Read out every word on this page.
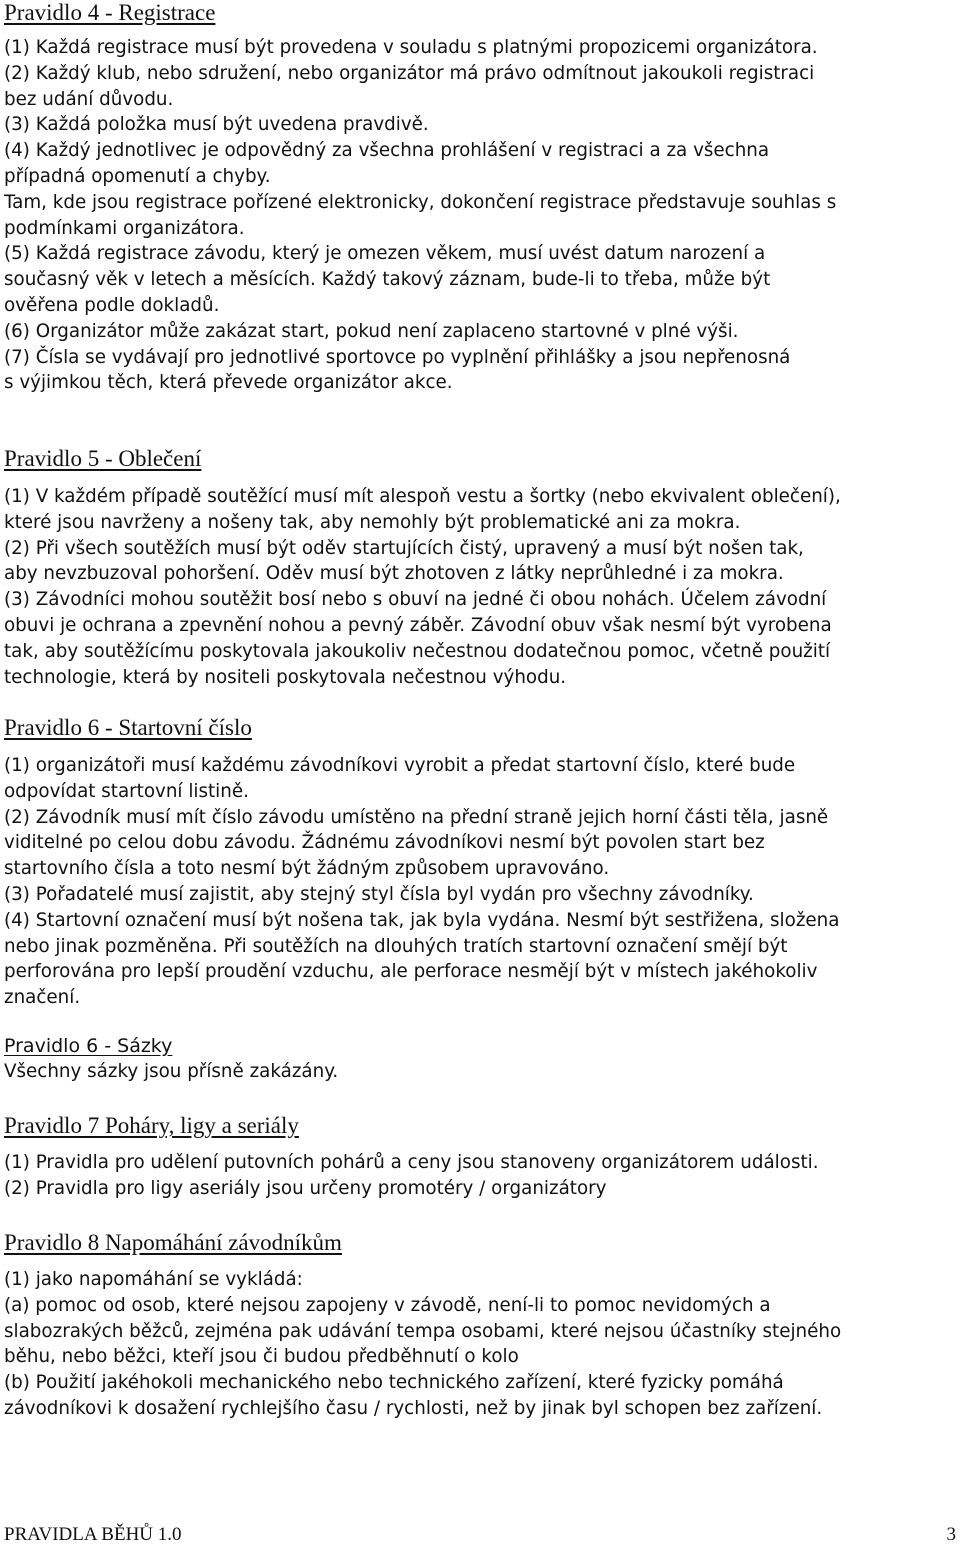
Pravidlo 4 - Registrace

(1) Každá registrace musí být provedena v souladu s platnými propozicemi organizátora.

(2) Každý klub, nebo sdružení, nebo organizátor má právo odmítnout jakoukoli registraci

bez udání důvodu.

(3) Každá položka musí být uvedena pravdivě.

(4) Každý jednotlivec je odpovědný za všechna prohlášení v registraci a za všechna

případná opomenutí a chyby.

Tam, kde jsou registrace pořízené elektronicky, dokončení registrace představuje souhlas s

podmínkami organizátora.

(5) Každá registrace závodu, který je omezen věkem, musí uvést datum narození a

současný věk v letech a měsících. Každý takový záznam, bude-li to třeba, může být

ověřena podle dokladů.

(6) Organizátor může zakázat start, pokud není zaplaceno startovné v plné výši.

(7) Čísla se vydávají pro jednotlivé sportovce po vyplnění přihlášky a jsou nepřenosná

s výjimkou těch, která převede organizátor akce.

Pravidlo 5 - Oblečení

(1) V každém případě soutěžící musí mít alespoň vestu a šortky (nebo ekvivalent oblečení),

které jsou navrženy a nošeny tak, aby nemohly být problematické ani za mokra.

(2) Při všech soutěžích musí být oděv startujících čistý, upravený a musí být nošen tak,

aby nevzbuzoval pohoršení. Oděv musí být zhotoven z látky neprůhledné i za mokra.

(3) Závodníci mohou soutěžit bosí nebo s obuví na jedné či obou nohách. Účelem závodní

obuvi je ochrana a zpevnění nohou a pevný záběr. Závodní obuv však nesmí být vyrobena

tak, aby soutěžícímu poskytovala jakoukoliv nečestnou dodatečnou pomoc, včetně použití

technologie, která by nositeli poskytovala nečestnou výhodu.

Pravidlo 6 - Startovní číslo

(1) organizátoři musí každému závodníkovi vyrobit a předat startovní číslo, které bude

odpovídat startovní listině.

(2) Závodník musí mít číslo závodu umístěno na přední straně jejich horní části těla, jasně

viditelné po celou dobu závodu. Žádnému závodníkovi nesmí být povolen start bez

startovního čísla a toto nesmí být žádným způsobem upravováno.

(3) Pořadatelé musí zajistit, aby stejný styl čísla byl vydán pro všechny závodníky.

(4) Startovní označení musí být nošena tak, jak byla vydána. Nesmí být sestřižena, složena

nebo jinak pozměněna. Při soutěžích na dlouhých tratích startovní označení smějí být

perforována pro lepší proudění vzduchu, ale perforace nesmějí být v místech jakéhokoliv

značení.

Pravidlo 6 - Sázky

Všechny sázky jsou přísně zakázány.

Pravidlo 7 Poháry, ligy a seriály

(1) Pravidla pro udělení putovních pohárů a ceny jsou stanoveny organizátorem události.

(2) Pravidla pro ligy aseriály jsou určeny promotéry / organizátory

Pravidlo 8 Napomáhání závodníkům

(1) jako napomáhání se vykládá:

(a) pomoc od osob, které nejsou zapojeny v závodě, není-li to pomoc nevidomých a

slabozrakých běžců, zejména pak udávání tempa osobami, které nejsou účastníky stejného

běhu, nebo běžci, kteří jsou či budou předběhnutí o kolo

(b) Použití jakéhokoli mechanického nebo technického zařízení, které fyzicky pomáhá

závodníkovi k dosažení rychlejšího času / rychlosti, než by jinak byl schopen bez zařízení.

PRAVIDLA BĚHŮ 1.0	3
